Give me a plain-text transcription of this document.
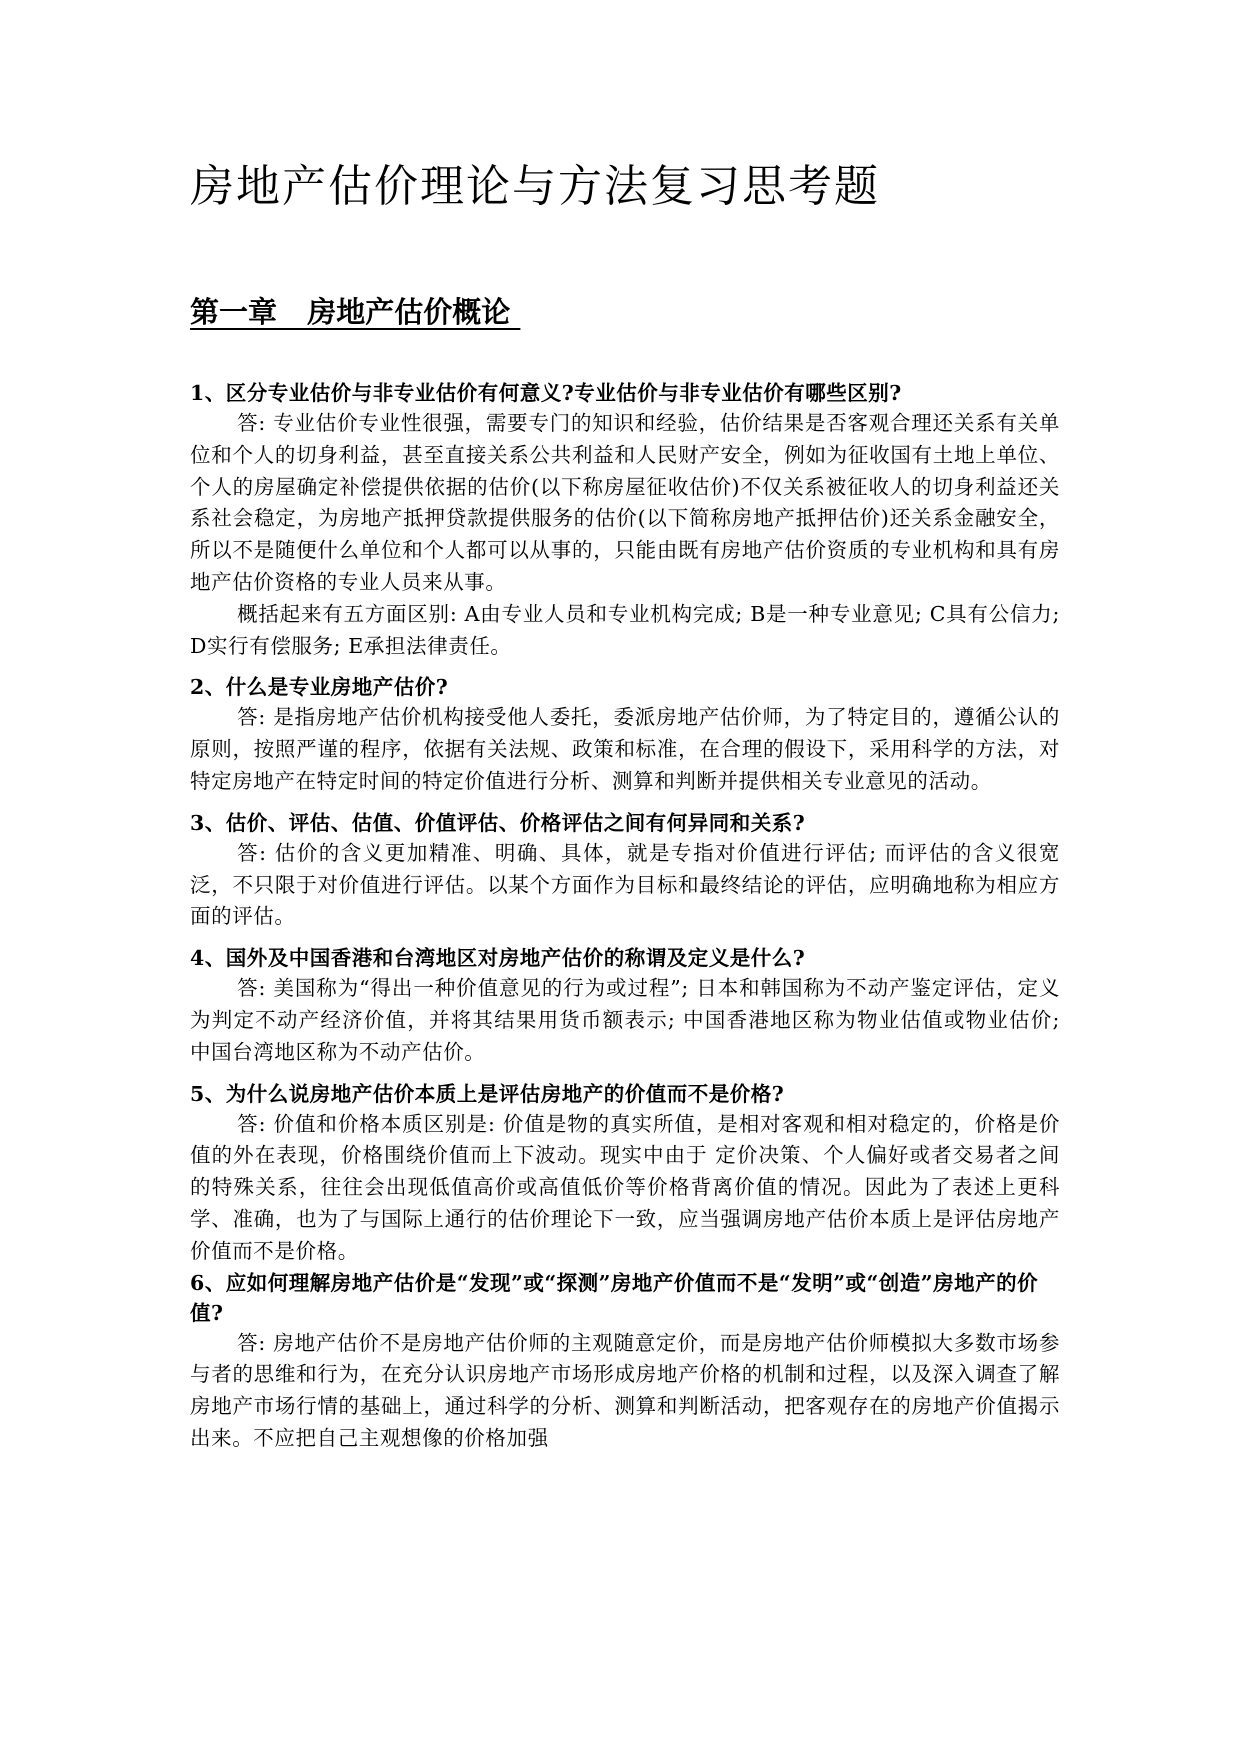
房地产估价理论与方法复习思考题
第一章   房地产估价概论

1、区分专业估价与非专业估价有何意义?专业估价与非专业估价有哪些区别?

答: 专业估价专业性很强，需要专门的知识和经验，估价结果是否客观合理还关系有关单位和个人的切身利益，甚至直接关系公共利益和人民财产安全，例如为征收国有土地上单位、个人的房屋确定补偿提供依据的估价(以下称房屋征收估价)不仅关系被征收人的切身利益还关系社会稳定，为房地产抵押贷款提供服务的估价(以下简称房地产抵押估价)还关系金融安全，所以不是随便什么单位和个人都可以从事的，只能由既有房地产估价资质的专业机构和具有房地产估价资格的专业人员来从事。

概括起来有五方面区别: A由专业人员和专业机构完成; B是一种专业意见; C具有公信力; D实行有偿服务; E承担法律责任。

2、什么是专业房地产估价?

答: 是指房地产估价机构接受他人委托，委派房地产估价师，为了特定目的，遵循公认的原则，按照严谨的程序，依据有关法规、政策和标准，在合理的假设下，采用科学的方法，对特定房地产在特定时间的特定价值进行分析、测算和判断并提供相关专业意见的活动。

3、估价、评估、估值、价值评估、价格评估之间有何异同和关系?

答: 估价的含义更加精准、明确、具体，就是专指对价值进行评估; 而评估的含义很宽泛，不只限于对价值进行评估。以某个方面作为目标和最终结论的评估，应明确地称为相应方面的评估。

4、国外及中国香港和台湾地区对房地产估价的称谓及定义是什么?

答: 美国称为“得出一种价值意见的行为或过程”; 日本和韩国称为不动产鉴定评估，定义为判定不动产经济价值，并将其结果用货币额表示; 中国香港地区称为物业估值或物业估价; 中国台湾地区称为不动产估价。

5、为什么说房地产估价本质上是评估房地产的价值而不是价格?

答: 价值和价格本质区别是: 价值是物的真实所值，是相对客观和相对稳定的，价格是价值的外在表现，价格围绕价值而上下波动。现实中由于 定价决策、个人偏好或者交易者之间的特殊关系，往往会出现低值高价或高值低价等价格背离价值的情况。因此为了表述上更科学、准确，也为了与国际上通行的估价理论下一致，应当强调房地产估价本质上是评估房地产价值而不是价格。

6、应如何理解房地产估价是“发现”或“探测”房地产价值而不是“发明”或“创造”房地产的价值?

答: 房地产估价不是房地产估价师的主观随意定价，而是房地产估价师模拟大多数市场参与者的思维和行为，在充分认识房地产市场形成房地产价格的机制和过程，以及深入调查了解房地产市场行情的基础上，通过科学的分析、测算和判断活动，把客观存在的房地产价值揭示出来。不应把自己主观想像的价格加强
